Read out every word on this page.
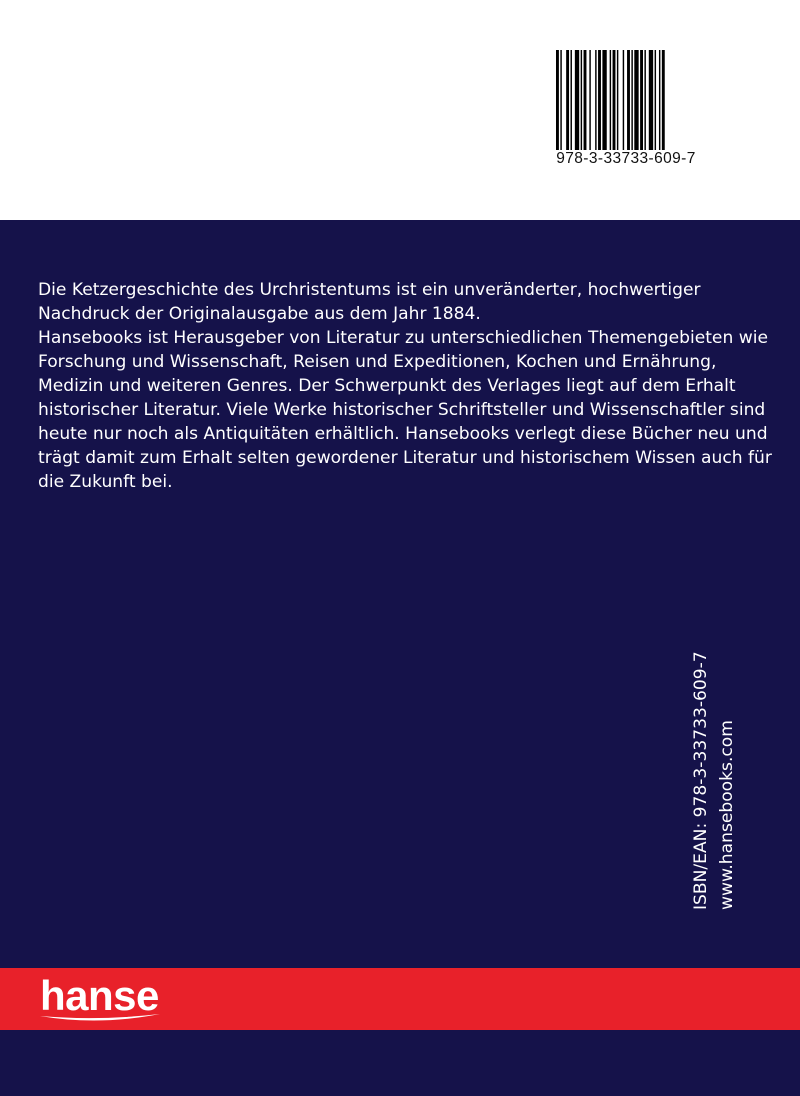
978-3-33733-609-7

Die Ketzergeschichte des Urchristentums ist ein unveränderter, hochwertiger

Nachdruck der Originalausgabe aus dem Jahr 1884.

Hansebooks ist Herausgeber von Literatur zu unterschiedlichen Themengebieten wie

Forschung und Wissenschaft, Reisen und Expeditionen, Kochen und Ernährung,

Medizin und weiteren Genres. Der Schwerpunkt des Verlages liegt auf dem Erhalt

historischer Literatur. Viele Werke historischer Schriftsteller und Wissenschaftler sind

heute nur noch als Antiquitäten erhältlich. Hansebooks verlegt diese Bücher neu und

trägt damit zum Erhalt selten gewordener Literatur und historischem Wissen auch für

die Zukunft bei.

ISBN/EAN: 978-3-33733-609-7 www.hansebooks.com
hanse
